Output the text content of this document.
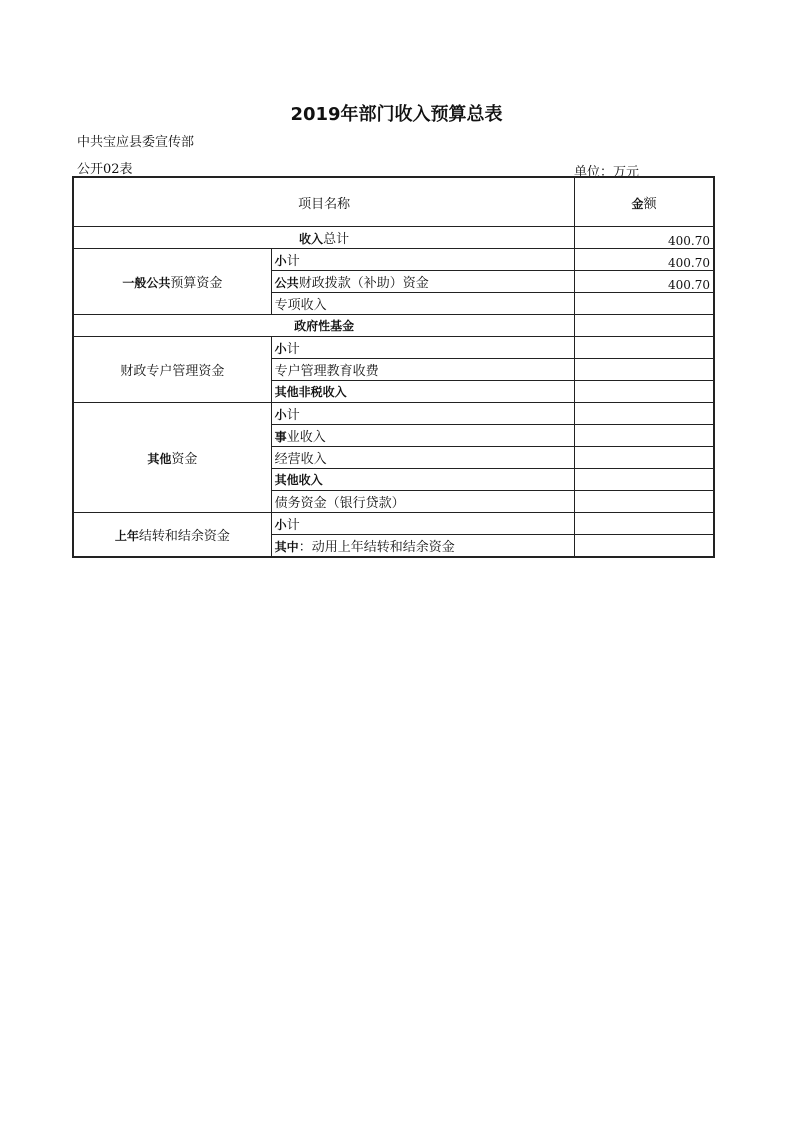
2019年部门收入预算总表
中共宝应县委宣传部
公开02表	单位：万元
项目名称		金额
收入总计		400.70
一般公共预算资金	小计	400.70
	公共财政拨款（补助）资金	400.70
	专项收入	
政府性基金		
财政专户管理资金	小计	
	专户管理教育收费	
	其他非税收入	
其他资金	小计	
	事业收入	
	经营收入	
	其他收入	
	债务资金（银行贷款）	
上年结转和结余资金	小计	
	其中：动用上年结转和结余资金	
